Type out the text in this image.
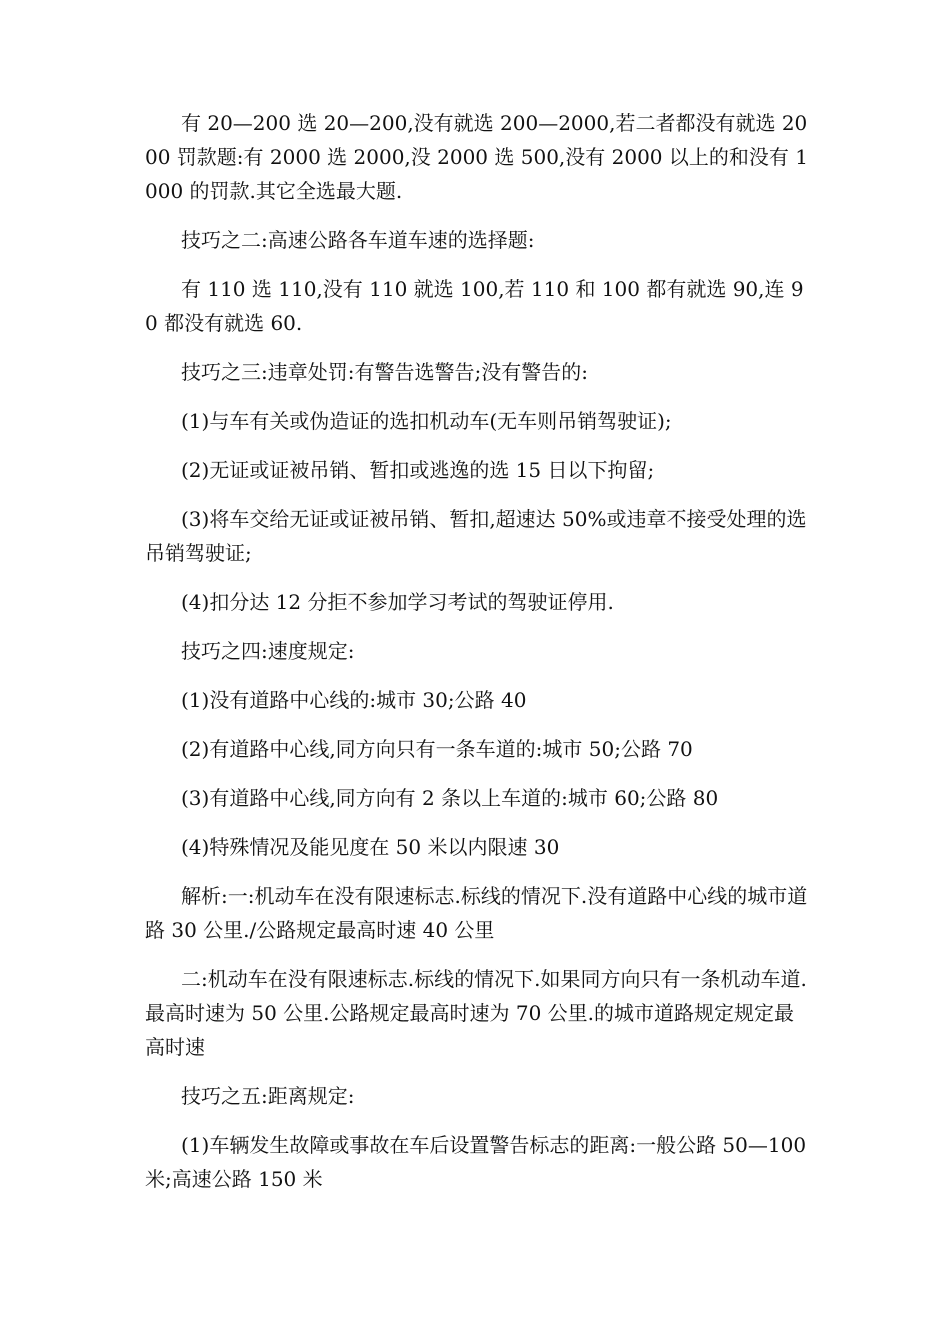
有 20—200 选 20—200,没有就选 200—2000,若二者都没有就选 2000 罚款题:有 2000 选 2000,没 2000 选 500,没有 2000 以上的和没有 1000 的罚款.其它全选最大题.

技巧之二:高速公路各车道车速的选择题:

有 110 选 110,没有 110 就选 100,若 110 和 100 都有就选 90,连 90 都没有就选 60.

技巧之三:违章处罚:有警告选警告;没有警告的:

(1)与车有关或伪造证的选扣机动车(无车则吊销驾驶证);

(2)无证或证被吊销、暂扣或逃逸的选 15 日以下拘留;

(3)将车交给无证或证被吊销、暂扣,超速达 50%或违章不接受处理的选吊销驾驶证;

(4)扣分达 12 分拒不参加学习考试的驾驶证停用.

技巧之四:速度规定:

(1)没有道路中心线的:城市 30;公路 40

(2)有道路中心线,同方向只有一条车道的:城市 50;公路 70

(3)有道路中心线,同方向有 2 条以上车道的:城市 60;公路 80

(4)特殊情况及能见度在 50 米以内限速 30

解析:一:机动车在没有限速标志.标线的情况下.没有道路中心线的城市道路 30 公里./公路规定最高时速 40 公里

二:机动车在没有限速标志.标线的情况下.如果同方向只有一条机动车道.最高时速为 50 公里.公路规定最高时速为 70 公里.的城市道路规定规定最高时速

技巧之五:距离规定:

(1)车辆发生故障或事故在车后设置警告标志的距离:一般公路 50—100 米;高速公路 150 米
